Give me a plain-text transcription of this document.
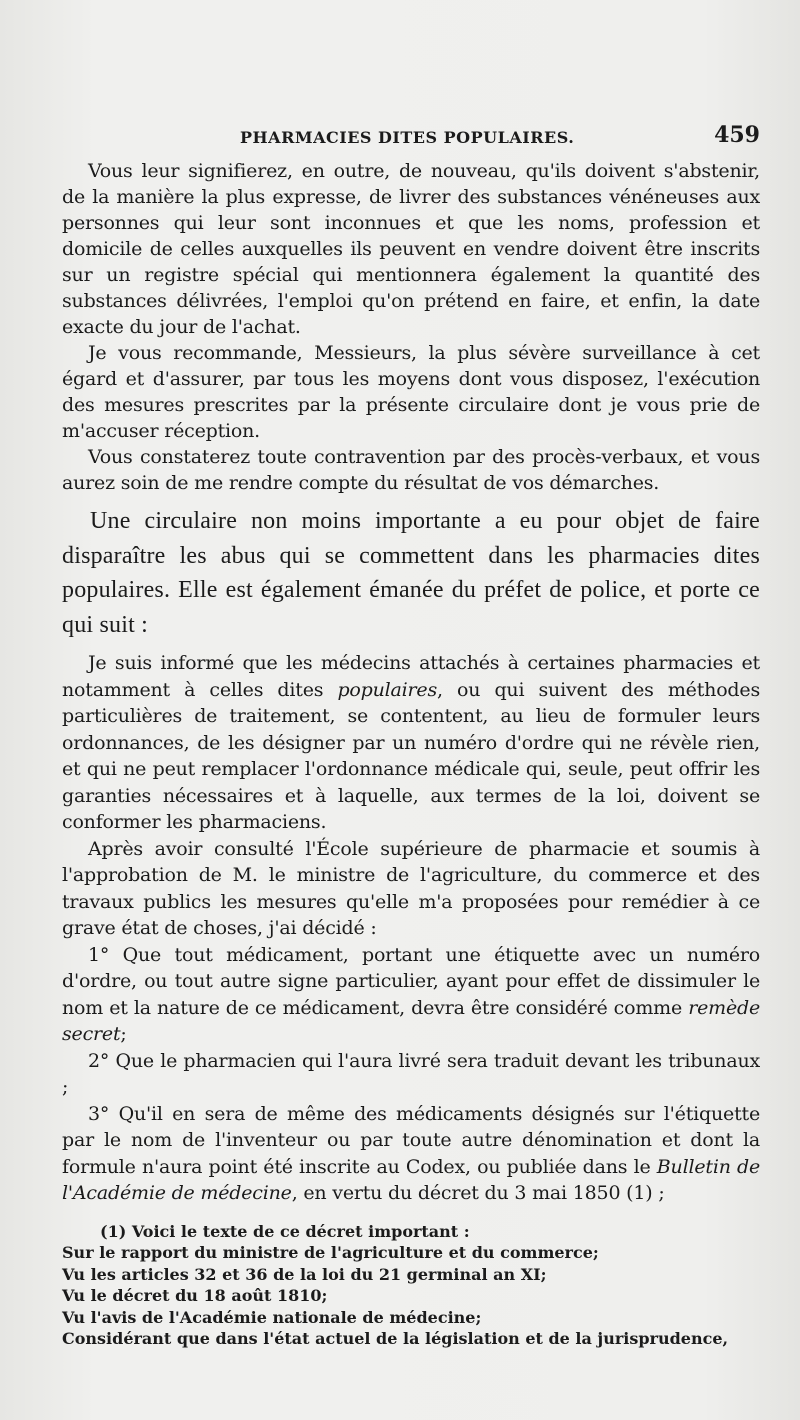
PHARMACIES DITES POPULAIRES.	459

Vous leur signifierez, en outre, de nouveau, qu'ils doivent s'abstenir, de la manière la plus expresse, de livrer des substances vénéneuses aux personnes qui leur sont inconnues et que les noms, profession et domicile de celles auxquelles ils peuvent en vendre doivent être inscrits sur un registre spécial qui mentionnera également la quantité des substances délivrées, l'emploi qu'on prétend en faire, et enfin, la date exacte du jour de l'achat.

Je vous recommande, Messieurs, la plus sévère surveillance à cet égard et d'assurer, par tous les moyens dont vous disposez, l'exécution des mesures prescrites par la présente circulaire dont je vous prie de m'accuser réception.

Vous constaterez toute contravention par des procès-verbaux, et vous aurez soin de me rendre compte du résultat de vos démarches.

Une circulaire non moins importante a eu pour objet de faire disparaître les abus qui se commettent dans les pharmacies dites populaires. Elle est également émanée du préfet de police, et porte ce qui suit :

Je suis informé que les médecins attachés à certaines pharmacies et notamment à celles dites populaires, ou qui suivent des méthodes particulières de traitement, se contentent, au lieu de formuler leurs ordonnances, de les désigner par un numéro d'ordre qui ne révèle rien, et qui ne peut remplacer l'ordonnance médicale qui, seule, peut offrir les garanties nécessaires et à laquelle, aux termes de la loi, doivent se conformer les pharmaciens.

Après avoir consulté l'École supérieure de pharmacie et soumis à l'approbation de M. le ministre de l'agriculture, du commerce et des travaux publics les mesures qu'elle m'a proposées pour remédier à ce grave état de choses, j'ai décidé :

1° Que tout médicament, portant une étiquette avec un numéro d'ordre, ou tout autre signe particulier, ayant pour effet de dissimuler le nom et la nature de ce médicament, devra être considéré comme remède secret;

2° Que le pharmacien qui l'aura livré sera traduit devant les tribunaux ;

3° Qu'il en sera de même des médicaments désignés sur l'étiquette par le nom de l'inventeur ou par toute autre dénomination et dont la formule n'aura point été inscrite au Codex, ou publiée dans le Bulletin de l'Académie de médecine, en vertu du décret du 3 mai 1850 (1) ;

(1) Voici le texte de ce décret important :
Sur le rapport du ministre de l'agriculture et du commerce;
Vu les articles 32 et 36 de la loi du 21 germinal an XI;
Vu le décret du 18 août 1810;
Vu l'avis de l'Académie nationale de médecine;
Considérant que dans l'état actuel de la législation et de la jurisprudence,
